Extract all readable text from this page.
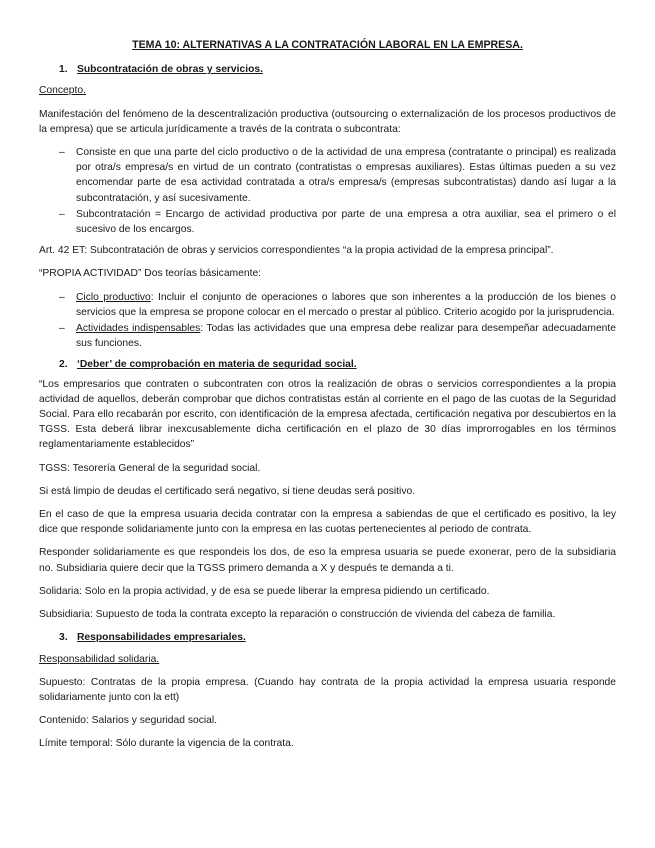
TEMA 10: ALTERNATIVAS A LA CONTRATACIÓN LABORAL EN LA EMPRESA.
1. Subcontratación de obras y servicios.

Concepto.

Manifestación del fenómeno de la descentralización productiva (outsourcing o externalización de los procesos productivos de la empresa) que se articula jurídicamente a través de la contrata o subcontrata:

– Consiste en que una parte del ciclo productivo o de la actividad de una empresa (contratante o principal) es realizada por otra/s empresa/s en virtud de un contrato (contratistas o empresas auxiliares). Estas últimas pueden a su vez encomendar parte de esa actividad contratada a otra/s empresa/s (empresas subcontratistas) dando así lugar a la subcontratación, y así sucesivamente.
– Subcontratación = Encargo de actividad productiva por parte de una empresa a otra auxiliar, sea el primero o el sucesivo de los encargos.

Art. 42 ET: Subcontratación de obras y servicios correspondientes “a la propia actividad de la empresa principal”.

“PROPIA ACTIVIDAD” Dos teorías básicamente:

– Ciclo productivo: Incluir el conjunto de operaciones o labores que son inherentes a la producción de los bienes o servicios que la empresa se propone colocar en el mercado o prestar al público. Criterio acogido por la jurisprudencia.
– Actividades indispensables: Todas las actividades que una empresa debe realizar para desempeñar adecuadamente sus funciones.
2. ‘Deber’ de comprobación en materia de seguridad social.

“Los empresarios que contraten o subcontraten con otros la realización de obras o servicios correspondientes a la propia actividad de aquellos, deberán comprobar que dichos contratistas están al corriente en el pago de las cuotas de la Seguridad Social. Para ello recabarán por escrito, con identificación de la empresa afectada, certificación negativa por descubiertos en la TGSS. Esta deberá librar inexcusablemente dicha certificación en el plazo de 30 días improrrogables en los términos reglamentariamente establecidos”

TGSS: Tesorería General de la seguridad social.

Si está limpio de deudas el certificado será negativo, si tiene deudas será positivo.

En el caso de que la empresa usuaria decida contratar con la empresa a sabiendas de que el certificado es positivo, la ley dice que responde solidariamente junto con la empresa en las cuotas pertenecientes al periodo de contrata.

Responder solidariamente es que respondeis los dos, de eso la empresa usuaria se puede exonerar, pero de la subsidiaria no. Subsidiaria quiere decir que la TGSS primero demanda a X y después te demanda a ti.

Solidaria: Solo en la propia actividad, y de esa se puede liberar la empresa pidiendo un certificado.

Subsidiaria: Supuesto de toda la contrata excepto la reparación o construcción de vivienda del cabeza de familia.

3. Responsabilidades empresariales.

Responsabilidad solidaria.

Supuesto: Contratas de la propia empresa. (Cuando hay contrata de la propia actividad la empresa usuaria responde solidariamente junto con la ett)

Contenido: Salarios y seguridad social.

Límite temporal: Sólo durante la vigencia de la contrata.
